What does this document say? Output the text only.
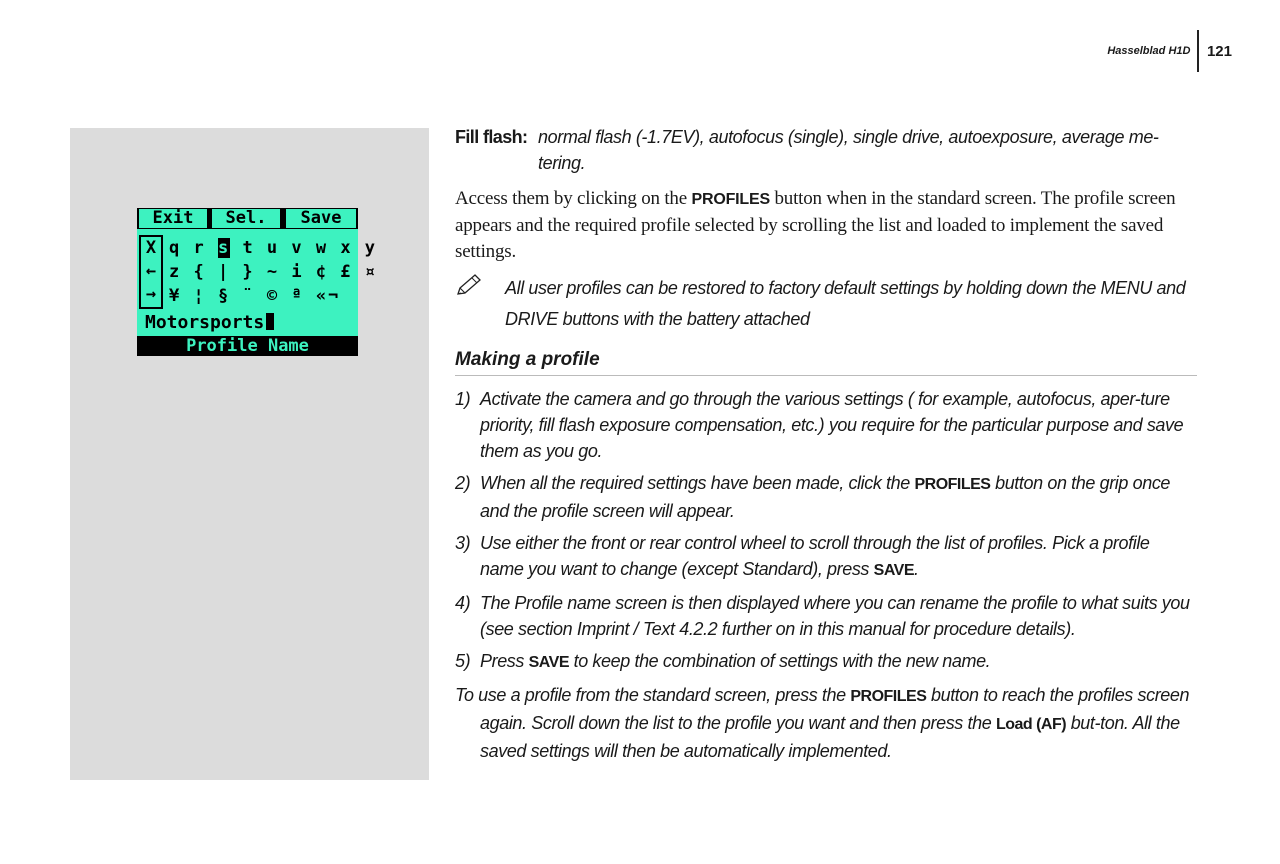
Hasselblad H1D 121
Exit	Sel.	Save
X
←
→
q r s t u v w x y
z { | } ~ i ¢ £ ¤
¥ ¦ § ¨ © ª «¬
Motorsports
Profile Name
Fill flash: normal flash (-1.7EV), autofocus (single), single drive, autoexposure, average me-tering.

Access them by clicking on the PROFILES button when in the standard screen. The profile screen appears and the required profile selected by scrolling the list and loaded to implement the saved settings.

All user profiles can be restored to factory default settings by holding down the MENU and DRIVE buttons with the battery attached
Making a profile
1) Activate the camera and go through the various settings ( for example, autofocus, aper-ture priority, fill flash exposure compensation, etc.) you require for the particular purpose and save them as you go.
2) When all the required settings have been made, click the PROFILES button on the grip once and the profile screen will appear.
3) Use either the front or rear control wheel to scroll through the list of profiles. Pick a profile name you want to change (except Standard), press SAVE.
4) The Profile name screen is then displayed where you can rename the profile to what suits you (see section Imprint / Text 4.2.2 further on in this manual for procedure details).
5) Press SAVE to keep the combination of settings with the new name.
To use a profile from the standard screen, press the PROFILES button to reach the profiles screen again. Scroll down the list to the profile you want and then press the Load (AF) but-ton. All the saved settings will then be automatically implemented.
